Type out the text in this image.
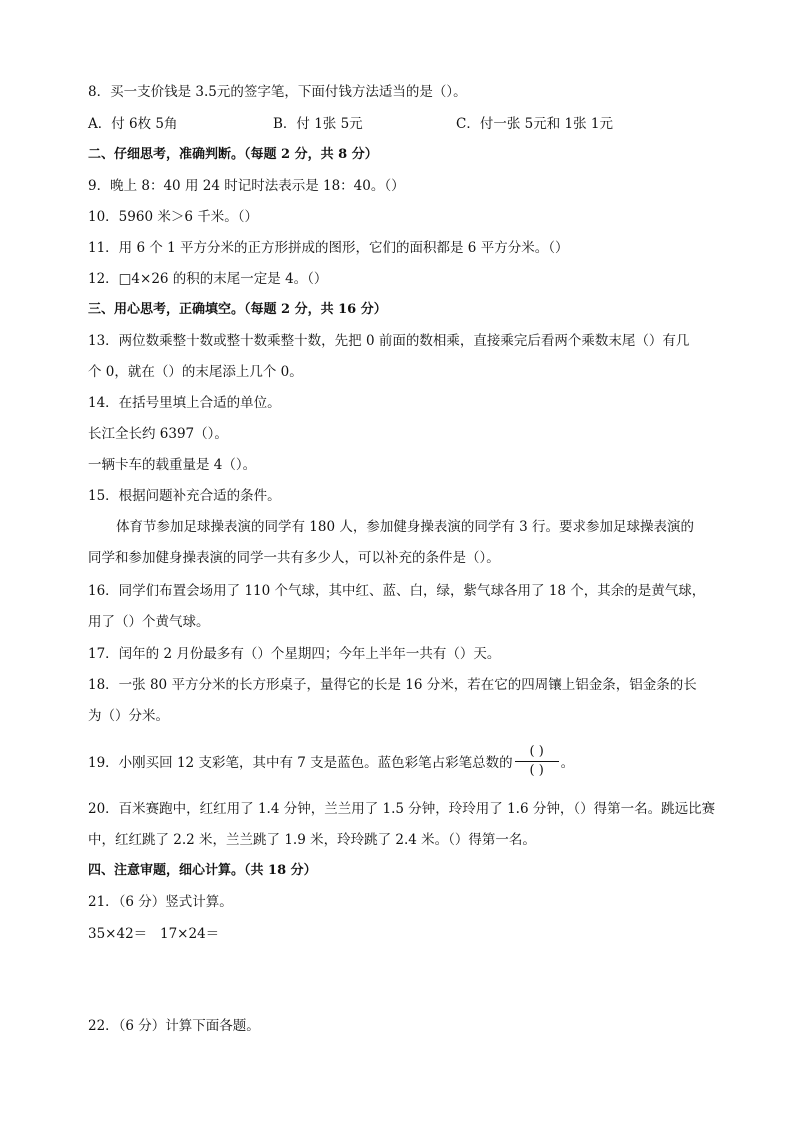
8．买一支价钱是 3.5元的签字笔，下面付钱方法适当的是（）。
A．付 6枚 5角	B．付 1张 5元	C．付一张 5元和 1张 1元
二、仔细思考，准确判断。（每题 2 分，共 8 分）
9．晚上 8：40 用 24 时记时法表示是 18：40。（）
10．5960 米＞6 千米。（）
11．用 6 个 1 平方分米的正方形拼成的图形，它们的面积都是 6 平方分米。（）
12．□4×26 的积的末尾一定是 4。（）
三、用心思考，正确填空。（每题 2 分，共 16 分）
13．两位数乘整十数或整十数乘整十数，先把 0 前面的数相乘，直接乘完后看两个乘数末尾（）有几
个 0，就在（）的末尾添上几个 0。
14．在括号里填上合适的单位。
长江全长约 6397（）。
一辆卡车的载重量是 4（）。
15．根据问题补充合适的条件。
体育节参加足球操表演的同学有 180 人，参加健身操表演的同学有 3 行。要求参加足球操表演的
同学和参加健身操表演的同学一共有多少人，可以补充的条件是（）。
16．同学们布置会场用了 110 个气球，其中红、蓝、白，绿，紫气球各用了 18 个，其余的是黄气球，
用了（）个黄气球。
17．闰年的 2 月份最多有（）个星期四；今年上半年一共有（）天。
18．一张 80 平方分米的长方形桌子，量得它的长是 16 分米，若在它的四周镶上铝金条，铝金条的长
为（）分米。
19．小刚买回 12 支彩笔，其中有 7 支是蓝色。蓝色彩笔占彩笔总数的 $\frac{( )}{( )}$ 。
20．百米赛跑中，红红用了 1.4 分钟，兰兰用了 1.5 分钟，玲玲用了 1.6 分钟，（）得第一名。跳远比赛
中，红红跳了 2.2 米，兰兰跳了 1.9 米，玲玲跳了 2.4 米。（）得第一名。
四、注意审题，细心计算。（共 18 分）
21．（6 分）竖式计算。
35×42＝ 17×24＝
22．（6 分）计算下面各题。
